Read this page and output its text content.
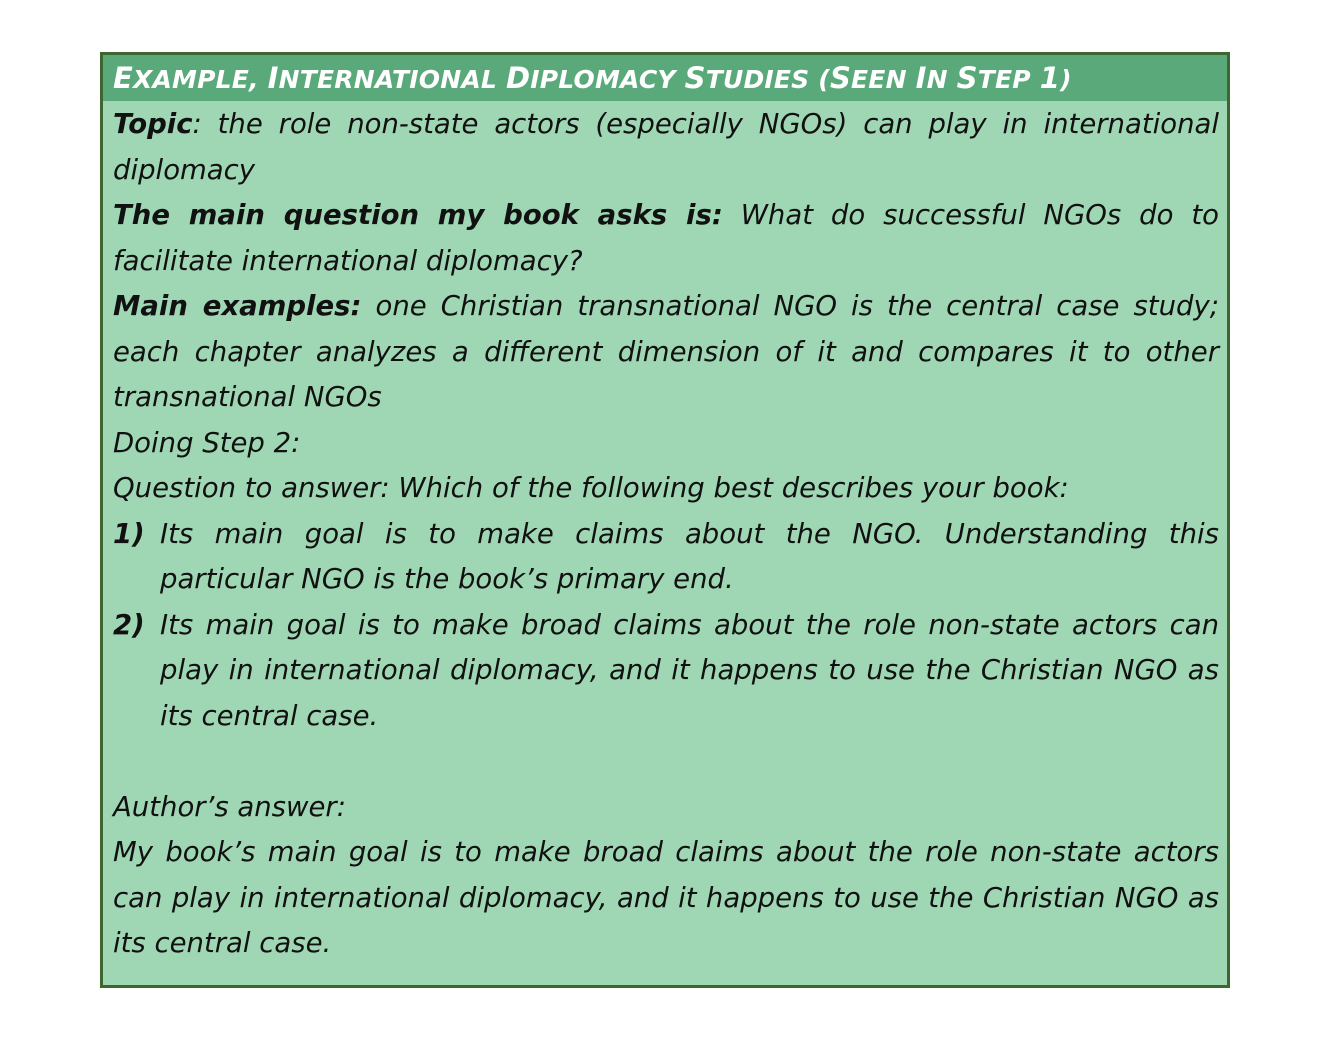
EXAMPLE, INTERNATIONAL DIPLOMACY STUDIES (SEEN IN STEP 1)

Topic: the role non-state actors (especially NGOs) can play in international diplomacy

The main question my book asks is: What do successful NGOs do to facilitate international diplomacy?

Main examples: one Christian transnational NGO is the central case study; each chapter analyzes a different dimension of it and compares it to other transnational NGOs

Doing Step 2:

Question to answer: Which of the following best describes your book:

1) Its main goal is to make claims about the NGO. Understanding this particular NGO is the book’s primary end.
2) Its main goal is to make broad claims about the role non-state actors can play in international diplomacy, and it happens to use the Christian NGO as its central case.

Author’s answer:

My book’s main goal is to make broad claims about the role non-state actors can play in international diplomacy, and it happens to use the Christian NGO as its central case.
